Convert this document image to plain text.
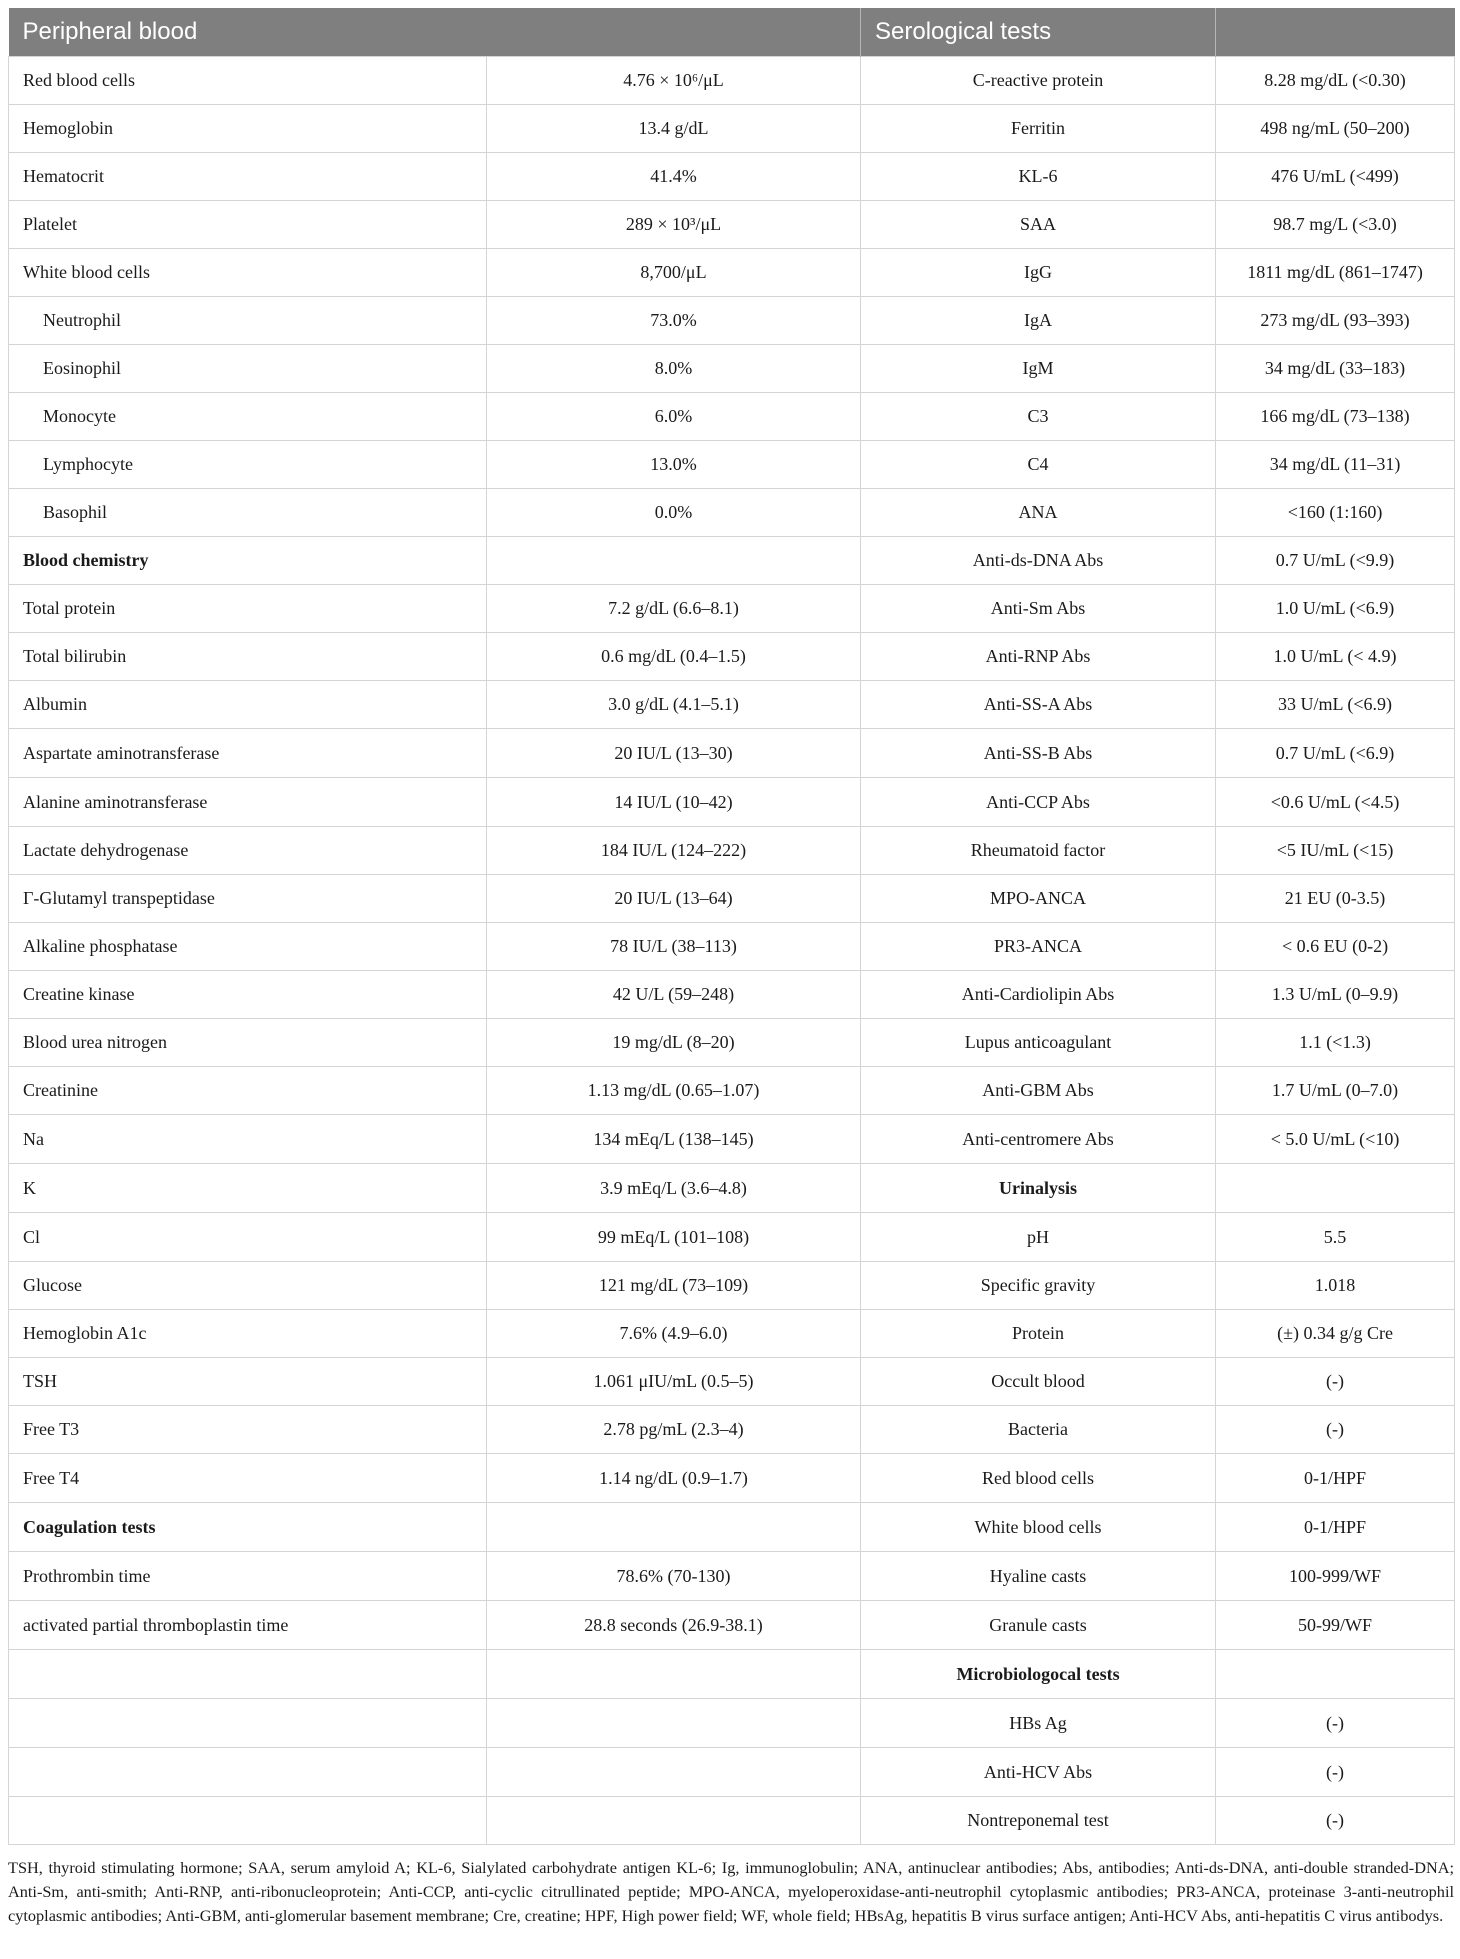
Peripheral blood		Serological tests	
Red blood cells	4.76 × 10⁶/μL	C-reactive protein	8.28 mg/dL (<0.30)
Hemoglobin	13.4 g/dL	Ferritin	498 ng/mL (50–200)
Hematocrit	41.4%	KL-6	476 U/mL (<499)
Platelet	289 × 10³/μL	SAA	98.7 mg/L (<3.0)
White blood cells	8,700/μL	IgG	1811 mg/dL (861–1747)
Neutrophil	73.0%	IgA	273 mg/dL (93–393)
Eosinophil	8.0%	IgM	34 mg/dL (33–183)
Monocyte	6.0%	C3	166 mg/dL (73–138)
Lymphocyte	13.0%	C4	34 mg/dL (11–31)
Basophil	0.0%	ANA	<160 (1:160)
Blood chemistry		Anti-ds-DNA Abs	0.7 U/mL (<9.9)
Total protein	7.2 g/dL (6.6–8.1)	Anti-Sm Abs	1.0 U/mL (<6.9)
Total bilirubin	0.6 mg/dL (0.4–1.5)	Anti-RNP Abs	1.0 U/mL (< 4.9)
Albumin	3.0 g/dL (4.1–5.1)	Anti-SS-A Abs	33 U/mL (<6.9)
Aspartate aminotransferase	20 IU/L (13–30)	Anti-SS-B Abs	0.7 U/mL (<6.9)
Alanine aminotransferase	14 IU/L (10–42)	Anti-CCP Abs	<0.6 U/mL (<4.5)
Lactate dehydrogenase	184 IU/L (124–222)	Rheumatoid factor	<5 IU/mL (<15)
Γ-Glutamyl transpeptidase	20 IU/L (13–64)	MPO-ANCA	21 EU (0-3.5)
Alkaline phosphatase	78 IU/L (38–113)	PR3-ANCA	< 0.6 EU (0-2)
Creatine kinase	42 U/L (59–248)	Anti-Cardiolipin Abs	1.3 U/mL (0–9.9)
Blood urea nitrogen	19 mg/dL (8–20)	Lupus anticoagulant	1.1 (<1.3)
Creatinine	1.13 mg/dL (0.65–1.07)	Anti-GBM Abs	1.7 U/mL (0–7.0)
Na	134 mEq/L (138–145)	Anti-centromere Abs	< 5.0 U/mL (<10)
K	3.9 mEq/L (3.6–4.8)	Urinalysis	
Cl	99 mEq/L (101–108)	pH	5.5
Glucose	121 mg/dL (73–109)	Specific gravity	1.018
Hemoglobin A1c	7.6% (4.9–6.0)	Protein	(±) 0.34 g/g Cre
TSH	1.061 μIU/mL (0.5–5)	Occult blood	(-)
Free T3	2.78 pg/mL (2.3–4)	Bacteria	(-)
Free T4	1.14 ng/dL (0.9–1.7)	Red blood cells	0-1/HPF
Coagulation tests		White blood cells	0-1/HPF
Prothrombin time	78.6% (70-130)	Hyaline casts	100-999/WF
activated partial thromboplastin time	28.8 seconds (26.9-38.1)	Granule casts	50-99/WF
		Microbiologocal tests	
		HBs Ag	(-)
		Anti-HCV Abs	(-)
		Nontreponemal test	(-)
TSH, thyroid stimulating hormone; SAA, serum amyloid A; KL-6, Sialylated carbohydrate antigen KL-6; Ig, immunoglobulin; ANA, antinuclear antibodies; Abs, antibodies; Anti-ds-DNA, anti-double stranded-DNA; Anti-Sm, anti-smith; Anti-RNP, anti-ribonucleoprotein; Anti-CCP, anti-cyclic citrullinated peptide; MPO-ANCA, myeloperoxidase-anti-neutrophil cytoplasmic antibodies; PR3-ANCA, proteinase 3-anti-neutrophil cytoplasmic antibodies; Anti-GBM, anti-glomerular basement membrane; Cre, creatine; HPF, High power field; WF, whole field; HBsAg, hepatitis B virus surface antigen; Anti-HCV Abs, anti-hepatitis C virus antibodys.
